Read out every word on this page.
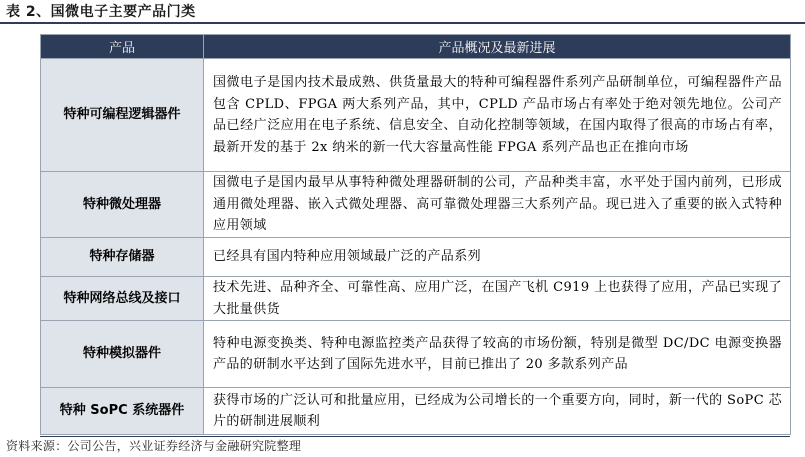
表 2、国微电子主要产品门类
产品	产品概况及最新进展
特种可编程逻辑器件	国微电子是国内技术最成熟、供货量最大的特种可编程器件系列产品研制单位，可编程器件产品包含 CPLD、FPGA 两大系列产品，其中，CPLD 产品市场占有率处于绝对领先地位。公司产品已经广泛应用在电子系统、信息安全、自动化控制等领域，在国内取得了很高的市场占有率，最新开发的基于 2x 纳米的新一代大容量高性能 FPGA 系列产品也正在推向市场
特种微处理器	国微电子是国内最早从事特种微处理器研制的公司，产品种类丰富，水平处于国内前列，已形成通用微处理器、嵌入式微处理器、高可靠微处理器三大系列产品。现已进入了重要的嵌入式特种应用领域
特种存储器	已经具有国内特种应用领域最广泛的产品系列
特种网络总线及接口	技术先进、品种齐全、可靠性高、应用广泛，在国产飞机 C919 上也获得了应用，产品已实现了大批量供货
特种模拟器件	特种电源变换类、特种电源监控类产品获得了较高的市场份额，特别是微型 DC/DC 电源变换器产品的研制水平达到了国际先进水平，目前已推出了 20 多款系列产品
特种 SoPC 系统器件	获得市场的广泛认可和批量应用，已经成为公司增长的一个重要方向，同时，新一代的 SoPC 芯片的研制进展顺利
资料来源：公司公告，兴业证券经济与金融研究院整理
